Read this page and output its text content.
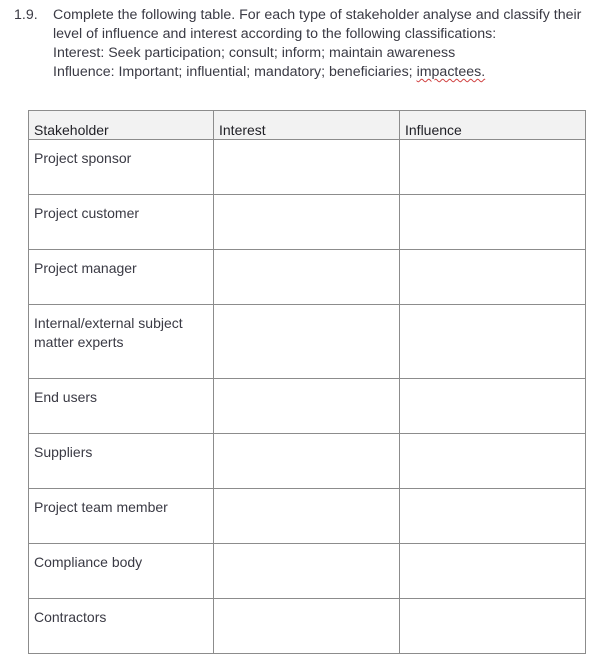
1.9.	Complete the following table. For each type of stakeholder analyse and classify their
level of influence and interest according to the following classifications:
Interest: Seek participation; consult; inform; maintain awareness
Influence: Important; influential; mandatory; beneficiaries; impactees.
Stakeholder	Interest	Influence
Project sponsor		
Project customer		
Project manager		
Internal/external subject matter experts		
End users		
Suppliers		
Project team member		
Compliance body		
Contractors		
